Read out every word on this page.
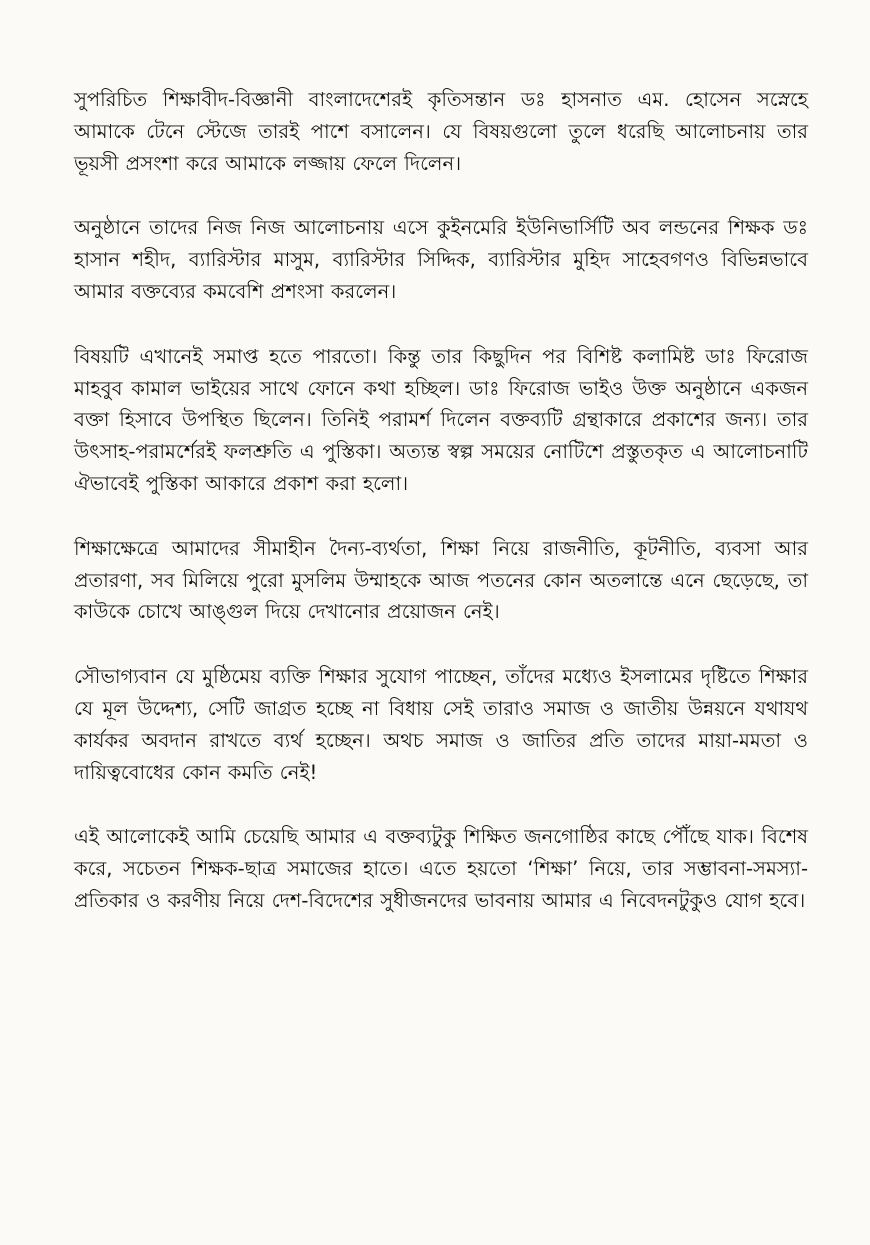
সুপরিচিত শিক্ষাবীদ-বিজ্ঞানী বাংলাদেশেরই কৃতিসন্তান ডঃ হাসনাত এম. হোসেন সস্নেহে আমাকে টেনে স্টেজে তারই পাশে বসালেন। যে বিষয়গুলো তুলে ধরেছি আলোচনায় তার ভূয়সী প্রসংশা করে আমাকে লজ্জায় ফেলে দিলেন।

অনুষ্ঠানে তাদের নিজ নিজ আলোচনায় এসে কুইনমেরি ইউনিভার্সিটি অব লন্ডনের শিক্ষক ডঃ হাসান শহীদ, ব্যারিস্টার মাসুম, ব্যারিস্টার সিদ্দিক, ব্যারিস্টার মুহিদ সাহেবগণও বিভিন্নভাবে আমার বক্তব্যের কমবেশি প্রশংসা করলেন।

বিষয়টি এখানেই সমাপ্ত হতে পারতো। কিন্তু তার কিছুদিন পর বিশিষ্ট কলামিষ্ট ডাঃ ফিরোজ মাহবুব কামাল ভাইয়ের সাথে ফোনে কথা হচ্ছিল। ডাঃ ফিরোজ ভাইও উক্ত অনুষ্ঠানে একজন বক্তা হিসাবে উপস্থিত ছিলেন। তিনিই পরামর্শ দিলেন বক্তব্যটি গ্রন্থাকারে প্রকাশের জন্য। তার উৎসাহ-পরামর্শেরই ফলশ্রুতি এ পুস্তিকা। অত্যন্ত স্বল্প সময়ের নোটিশে প্রস্তুতকৃত এ আলোচনাটি ঐভাবেই পুস্তিকা আকারে প্রকাশ করা হলো।

শিক্ষাক্ষেত্রে আমাদের সীমাহীন দৈন্য-ব্যর্থতা, শিক্ষা নিয়ে রাজনীতি, কূটনীতি, ব্যবসা আর প্রতারণা, সব মিলিয়ে পুরো মুসলিম উম্মাহকে আজ পতনের কোন অতলান্তে এনে ছেড়েছে, তা কাউকে চোখে আঙ্গুল দিয়ে দেখানোর প্রয়োজন নেই।

সৌভাগ্যবান যে মুষ্ঠিমেয় ব্যক্তি শিক্ষার সুযোগ পাচ্ছেন, তাঁদের মধ্যেও ইসলামের দৃষ্টিতে শিক্ষার যে মূল উদ্দেশ্য, সেটি জাগ্রত হচ্ছে না বিধায় সেই তারাও সমাজ ও জাতীয় উন্নয়নে যথাযথ কার্যকর অবদান রাখতে ব্যর্থ হচ্ছেন। অথচ সমাজ ও জাতির প্রতি তাদের মায়া-মমতা ও দায়িত্ববোধের কোন কমতি নেই!

এই আলোকেই আমি চেয়েছি আমার এ বক্তব্যটুকু শিক্ষিত জনগোষ্ঠির কাছে পৌঁছে যাক। বিশেষ করে, সচেতন শিক্ষক-ছাত্র সমাজের হাতে। এতে হয়তো ‘শিক্ষা’ নিয়ে, তার সম্ভাবনা-সমস্যা-প্রতিকার ও করণীয় নিয়ে দেশ-বিদেশের সুধীজনদের ভাবনায় আমার এ নিবেদনটুকুও যোগ হবে।
